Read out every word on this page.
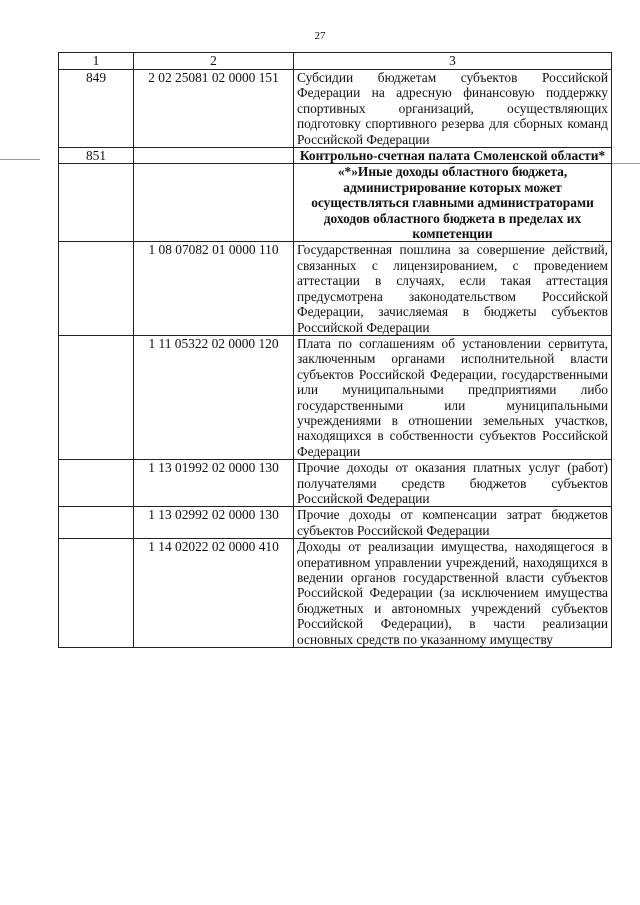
27
1	2	3
849	2 02 25081 02 0000 151	Субсидии бюджетам субъектов Российской Федерации на адресную финансовую поддержку спортивных организаций, осуществляющих подготовку спортивного резерва для сборных команд Российской Федерации
851		Контрольно-счетная палата Смоленской области*
		«*»Иные доходы областного бюджета, администрирование которых может осуществляться главными администраторами доходов областного бюджета в пределах их компетенции
	1 08 07082 01 0000 110	Государственная пошлина за совершение действий, связанных с лицензированием, с проведением аттестации в случаях, если такая аттестация предусмотрена законодательством Российской Федерации, зачисляемая в бюджеты субъектов Российской Федерации
	1 11 05322 02 0000 120	Плата по соглашениям об установлении сервитута, заключенным органами исполнительной власти субъектов Российской Федерации, государственными или муниципальными предприятиями либо государственными или муниципальными учреждениями в отношении земельных участков, находящихся в собственности субъектов Российской Федерации
	1 13 01992 02 0000 130	Прочие доходы от оказания платных услуг (работ) получателями средств бюджетов субъектов Российской Федерации
	1 13 02992 02 0000 130	Прочие доходы от компенсации затрат бюджетов субъектов Российской Федерации
	1 14 02022 02 0000 410	Доходы от реализации имущества, находящегося в оперативном управлении учреждений, находящихся в ведении органов государственной власти субъектов Российской Федерации (за исключением имущества бюджетных и автономных учреждений субъектов Российской Федерации), в части реализации основных средств по указанному имуществу
